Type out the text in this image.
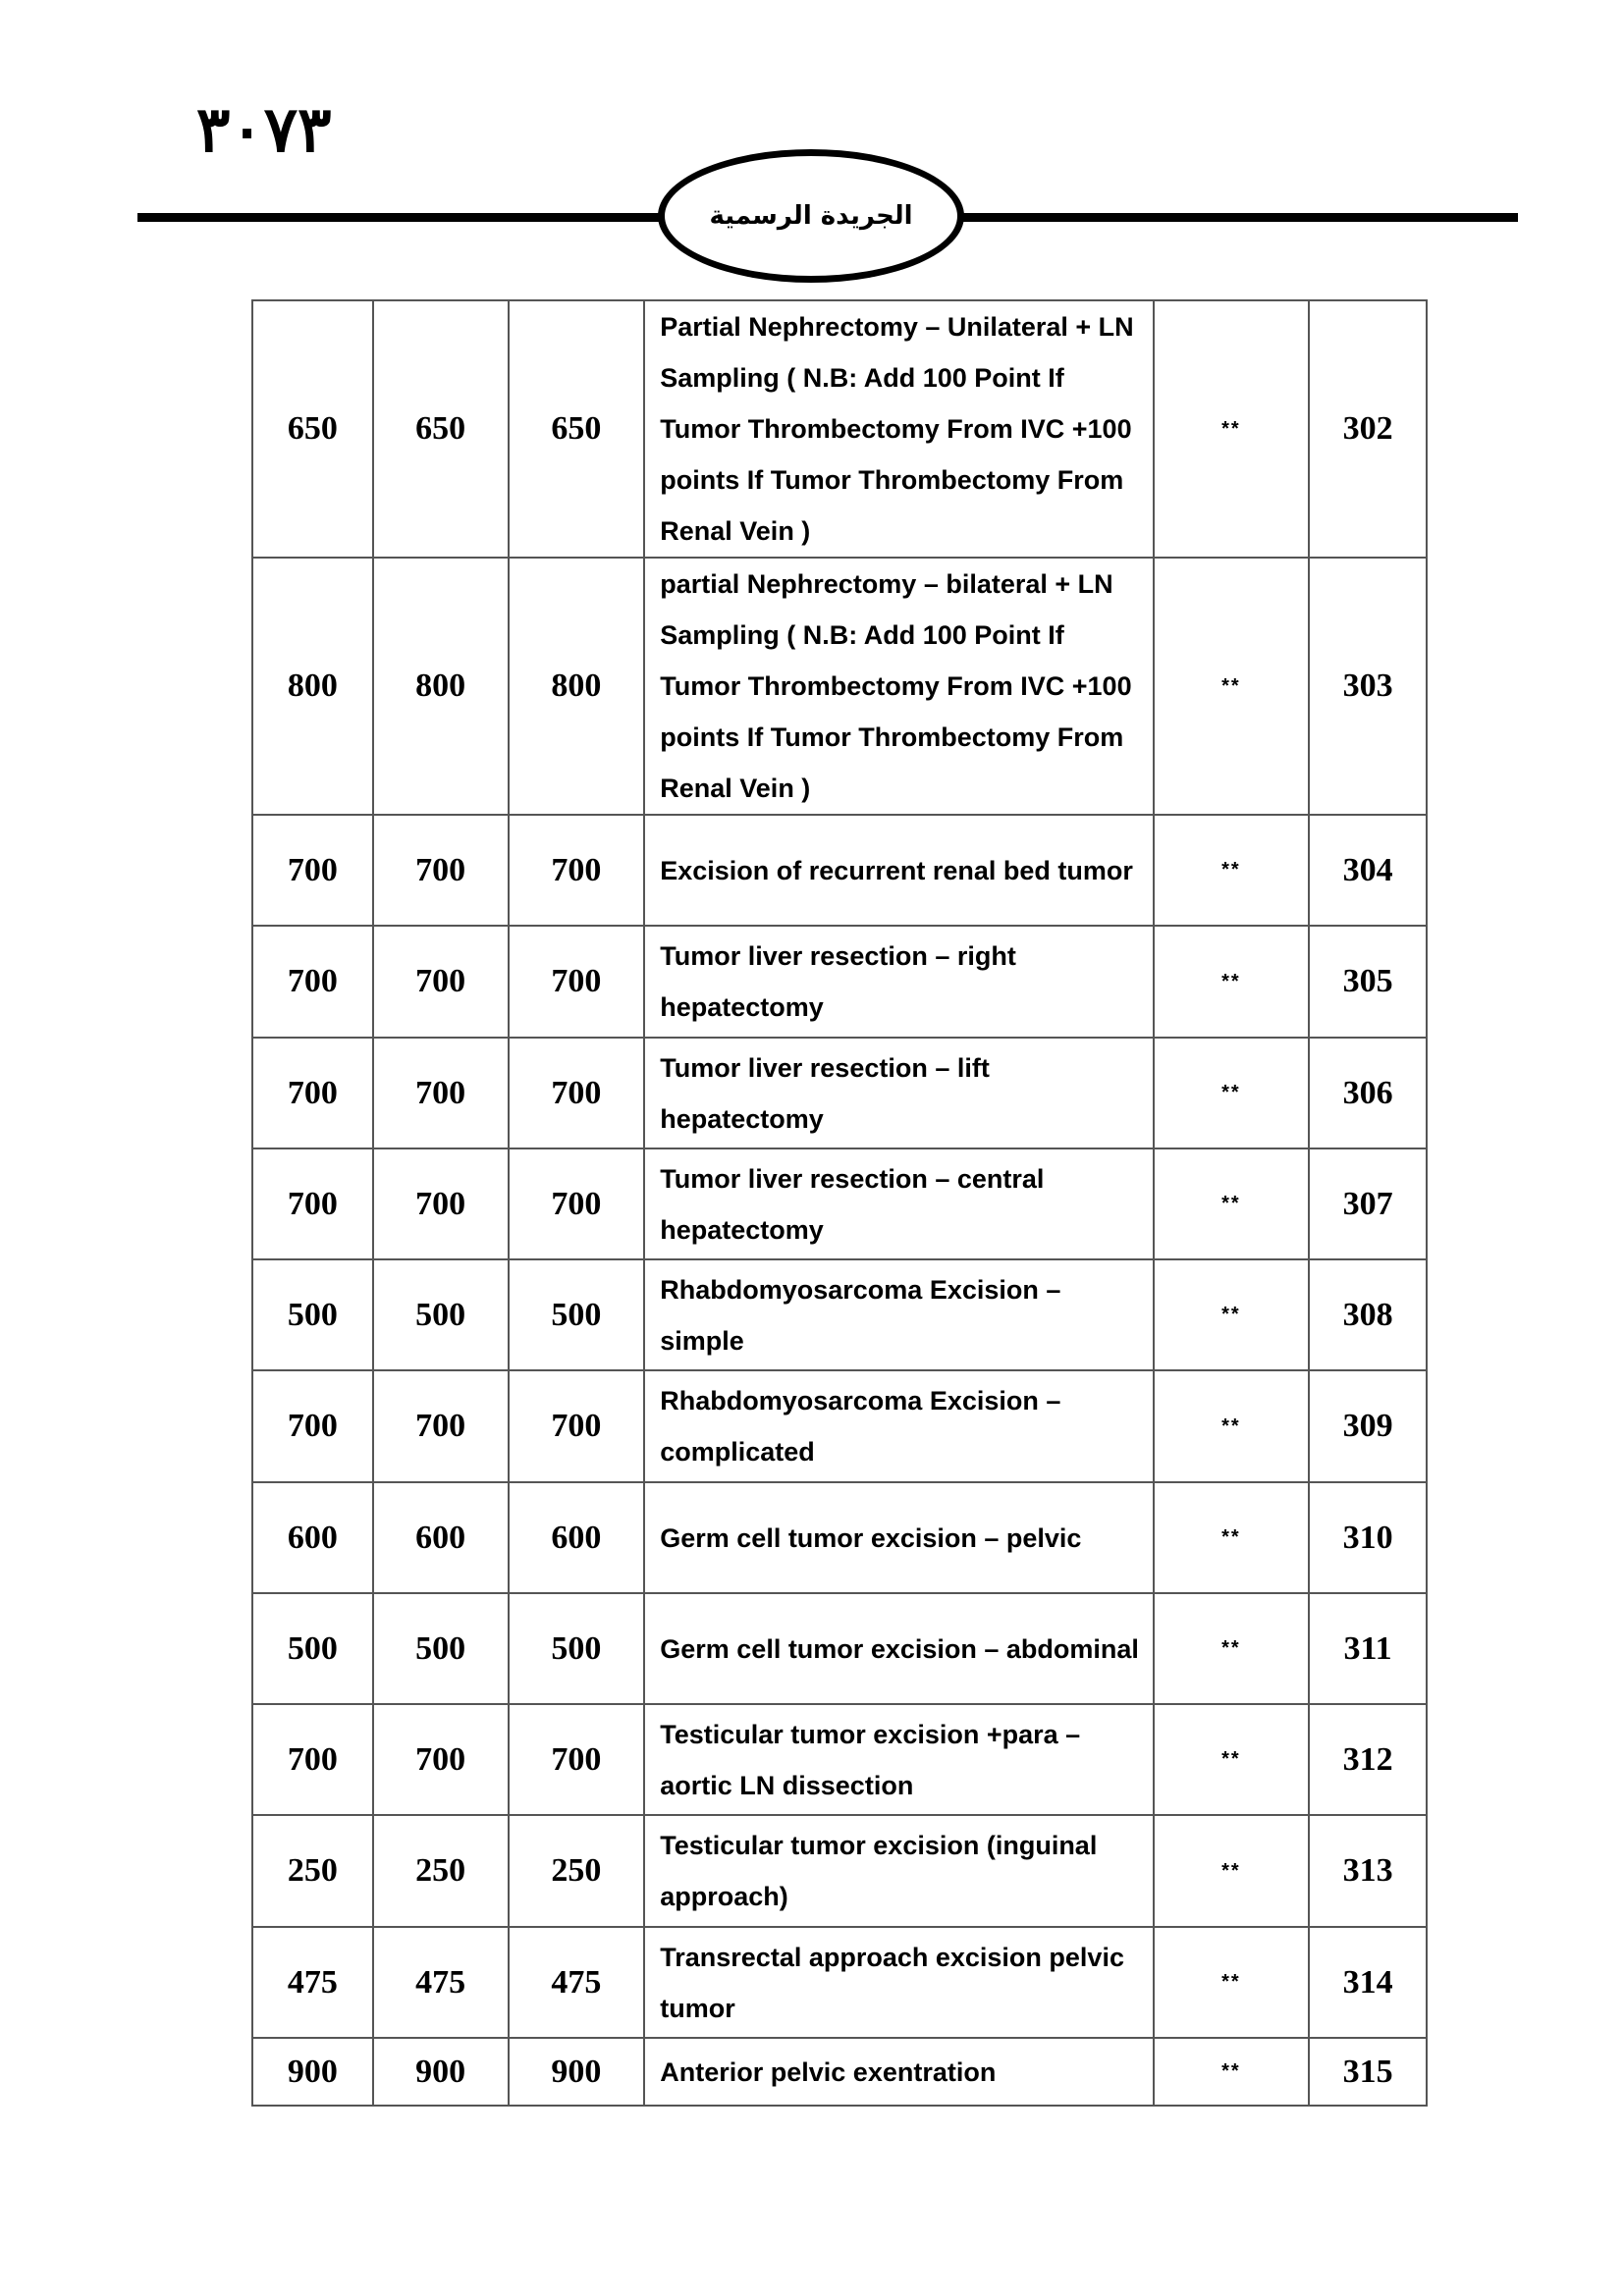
٣٠٧٣
الجريدة الرسمية
650	650	650	Partial Nephrectomy – Unilateral + LN Sampling ( N.B: Add 100 Point If Tumor Thrombectomy From IVC +100 points If Tumor Thrombectomy From Renal Vein )	**	302
800	800	800	partial Nephrectomy – bilateral + LN Sampling ( N.B: Add 100 Point If Tumor Thrombectomy From IVC +100 points If Tumor Thrombectomy From Renal Vein )	**	303
700	700	700	Excision of recurrent renal bed tumor	**	304
700	700	700	Tumor liver resection – right hepatectomy	**	305
700	700	700	Tumor liver resection – lift hepatectomy	**	306
700	700	700	Tumor liver resection – central hepatectomy	**	307
500	500	500	Rhabdomyosarcoma Excision – simple	**	308
700	700	700	Rhabdomyosarcoma Excision – complicated	**	309
600	600	600	Germ cell tumor excision – pelvic	**	310
500	500	500	Germ cell tumor excision – abdominal	**	311
700	700	700	Testicular tumor excision +para –aortic LN dissection	**	312
250	250	250	Testicular tumor excision (inguinal approach)	**	313
475	475	475	Transrectal approach excision pelvic tumor	**	314
900	900	900	Anterior pelvic exentration	**	315
